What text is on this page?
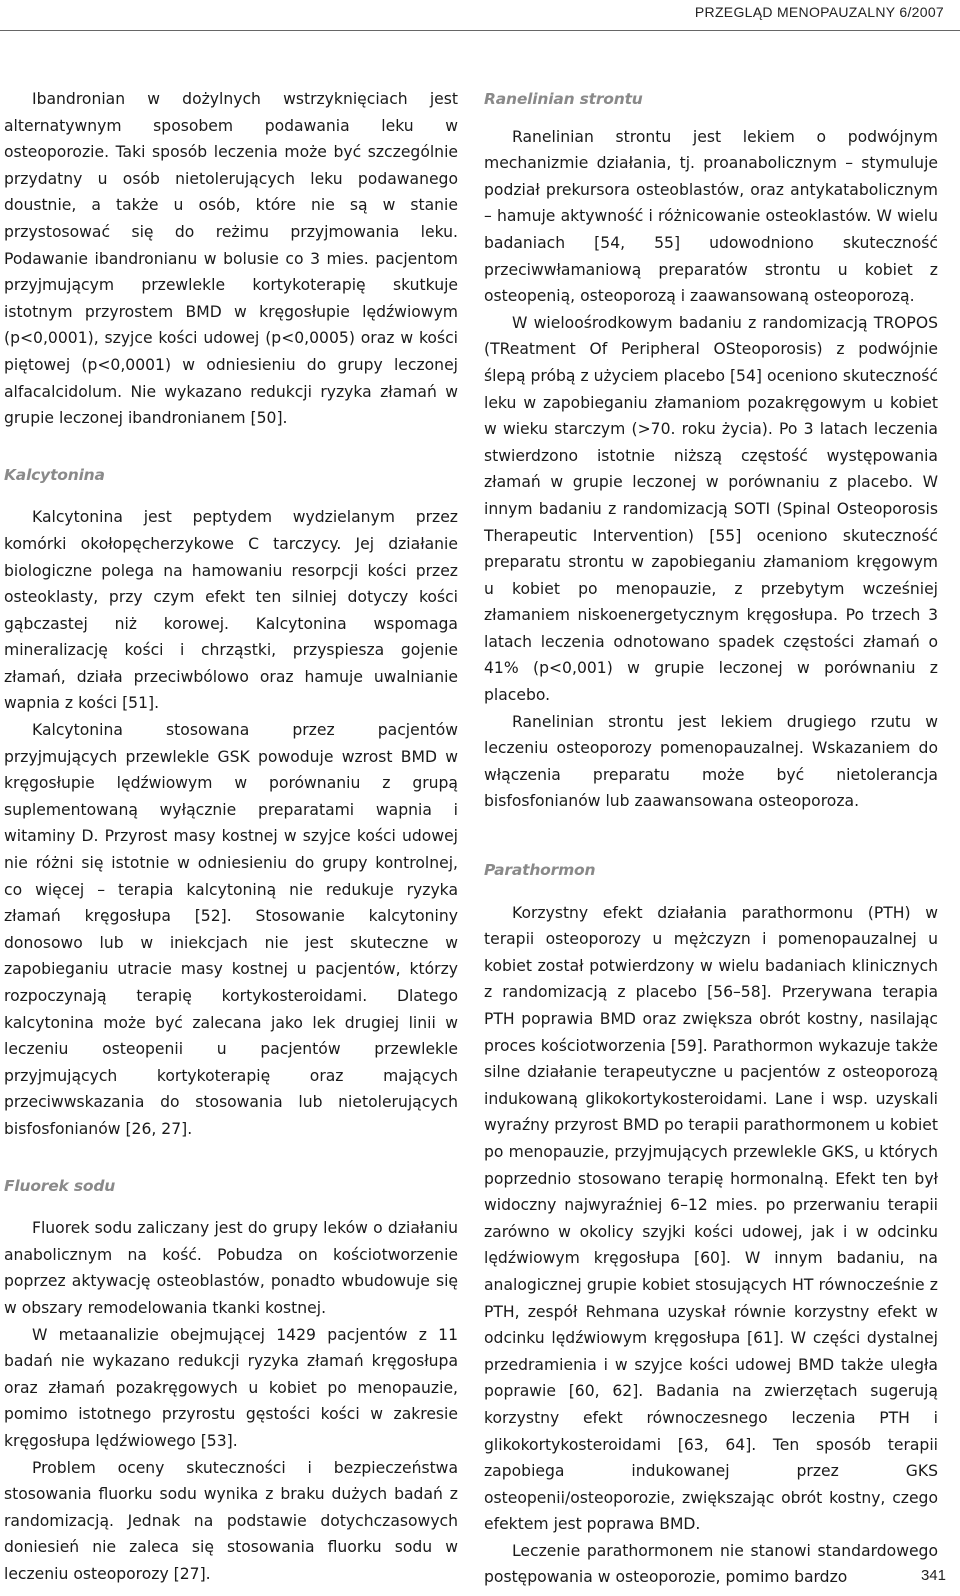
PRZEGLĄD MENOPAUZALNY 6/2007

Ibandronian w dożylnych wstrzyknięciach jest alternatywnym sposobem podawania leku w osteoporozie. Taki sposób leczenia może być szczególnie przydatny u osób nietolerujących leku podawanego doustnie, a także u osób, które nie są w stanie przystosować się do reżimu przyjmowania leku. Podawanie ibandronianu w bolusie co 3 mies. pacjentom przyjmującym przewlekle kortykoterapię skutkuje istotnym przyrostem BMD w kręgosłupie lędźwiowym (p<0,0001), szyjce kości udowej (p<0,0005) oraz w kości piętowej (p<0,0001) w odniesieniu do grupy leczonej alfacalcidolum. Nie wykazano redukcji ryzyka złamań w grupie leczonej ibandronianem [50].

Kalcytonina

Kalcytonina jest peptydem wydzielanym przez komórki okołopęcherzykowe C tarczycy. Jej działanie biologiczne polega na hamowaniu resorpcji kości przez osteoklasty, przy czym efekt ten silniej dotyczy kości gąbczastej niż korowej. Kalcytonina wspomaga mineralizację kości i chrząstki, przyspiesza gojenie złamań, działa przeciwbólowo oraz hamuje uwalnianie wapnia z kości [51].

Kalcytonina stosowana przez pacjentów przyjmujących przewlekle GSK powoduje wzrost BMD w kręgosłupie lędźwiowym w porównaniu z grupą suplementowaną wyłącznie preparatami wapnia i witaminy D. Przyrost masy kostnej w szyjce kości udowej nie różni się istotnie w odniesieniu do grupy kontrolnej, co więcej – terapia kalcytoniną nie redukuje ryzyka złamań kręgosłupa [52]. Stosowanie kalcytoniny donosowo lub w iniekcjach nie jest skuteczne w zapobieganiu utracie masy kostnej u pacjentów, którzy rozpoczynają terapię kortykosteroidami. Dlatego kalcytonina może być zalecana jako lek drugiej linii w leczeniu osteopenii u pacjentów przewlekle przyjmujących kortykoterapię oraz mających przeciwwskazania do stosowania lub nietolerujących bisfosfonianów [26, 27].

Fluorek sodu

Fluorek sodu zaliczany jest do grupy leków o działaniu anabolicznym na kość. Pobudza on kościotworzenie poprzez aktywację osteoblastów, ponadto wbudowuje się w obszary remodelowania tkanki kostnej.

W metaanalizie obejmującej 1429 pacjentów z 11 badań nie wykazano redukcji ryzyka złamań kręgosłupa oraz złamań pozakręgowych u kobiet po menopauzie, pomimo istotnego przyrostu gęstości kości w zakresie kręgosłupa lędźwiowego [53].

Problem oceny skuteczności i bezpieczeństwa stosowania fluorku sodu wynika z braku dużych badań z randomizacją. Jednak na podstawie dotychczasowych doniesień nie zaleca się stosowania fluorku sodu w leczeniu osteoporozy [27].

Ranelinian strontu

Ranelinian strontu jest lekiem o podwójnym mechanizmie działania, tj. proanabolicznym – stymuluje podział prekursora osteoblastów, oraz antykatabolicznym – hamuje aktywność i różnicowanie osteoklastów. W wielu badaniach [54, 55] udowodniono skuteczność przeciwwłamaniową preparatów strontu u kobiet z osteopenią, osteoporozą i zaawansowaną osteoporozą.

W wieloośrodkowym badaniu z randomizacją TROPOS (TReatment Of Peripheral OSteoporosis) z podwójnie ślepą próbą z użyciem placebo [54] oceniono skuteczność leku w zapobieganiu złamaniom pozakręgowym u kobiet w wieku starczym (>70. roku życia). Po 3 latach leczenia stwierdzono istotnie niższą częstość występowania złamań w grupie leczonej w porównaniu z placebo. W innym badaniu z randomizacją SOTI (Spinal Osteoporosis Therapeutic Intervention) [55] oceniono skuteczność preparatu strontu w zapobieganiu złamaniom kręgowym u kobiet po menopauzie, z przebytym wcześniej złamaniem niskoenergetycznym kręgosłupa. Po trzech 3 latach leczenia odnotowano spadek częstości złamań o 41% (p<0,001) w grupie leczonej w porównaniu z placebo.

Ranelinian strontu jest lekiem drugiego rzutu w leczeniu osteoporozy pomenopauzalnej. Wskazaniem do włączenia preparatu może być nietolerancja bisfosfonianów lub zaawansowana osteoporoza.

Parathormon

Korzystny efekt działania parathormonu (PTH) w terapii osteoporozy u mężczyzn i pomenopauzalnej u kobiet został potwierdzony w wielu badaniach klinicznych z randomizacją z placebo [56–58]. Przerywana terapia PTH poprawia BMD oraz zwiększa obrót kostny, nasilając proces kościotworzenia [59]. Parathormon wykazuje także silne działanie terapeutyczne u pacjentów z osteoporozą indukowaną glikokortykosteroidami. Lane i wsp. uzyskali wyraźny przyrost BMD po terapii parathormonem u kobiet po menopauzie, przyjmujących przewlekle GKS, u których poprzednio stosowano terapię hormonalną. Efekt ten był widoczny najwyraźniej 6–12 mies. po przerwaniu terapii zarówno w okolicy szyjki kości udowej, jak i w odcinku lędźwiowym kręgosłupa [60]. W innym badaniu, na analogicznej grupie kobiet stosujących HT równocześnie z PTH, zespół Rehmana uzyskał równie korzystny efekt w odcinku lędźwiowym kręgosłupa [61]. W części dystalnej przedramienia i w szyjce kości udowej BMD także uległa poprawie [60, 62]. Badania na zwierzętach sugerują korzystny efekt równoczesnego leczenia PTH i glikokortykosteroidami [63, 64]. Ten sposób terapii zapobiega indukowanej przez GKS osteopenii/osteoporozie, zwiększając obrót kostny, czego efektem jest poprawa BMD.

Leczenie parathormonem nie stanowi standardowego postępowania w osteoporozie, pomimo bardzo	341
